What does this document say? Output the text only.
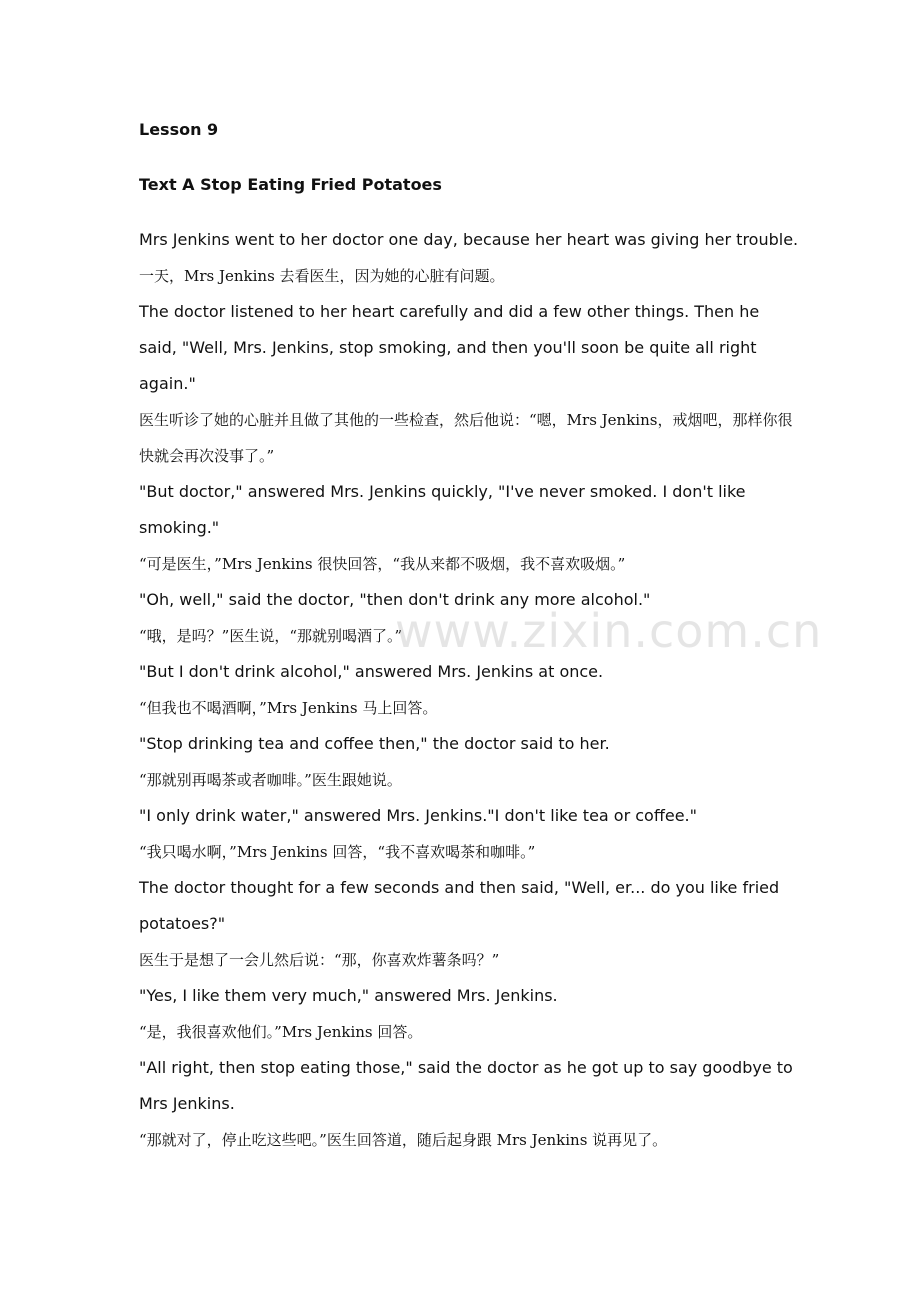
Lesson 9

Text A Stop Eating Fried Potatoes

Mrs Jenkins went to her doctor one day, because her heart was giving her trouble.

一天，Mrs Jenkins 去看医生，因为她的心脏有问题。

The doctor listened to her heart carefully and did a few other things. Then he said, "Well, Mrs. Jenkins, stop smoking, and then you'll soon be quite all right again."

医生听诊了她的心脏并且做了其他的一些检查，然后他说：“嗯，Mrs Jenkins，戒烟吧，那样你很快就会再次没事了。”

"But doctor," answered Mrs. Jenkins quickly, "I've never smoked. I don't like smoking."

“可是医生，”Mrs Jenkins 很快回答，“我从来都不吸烟，我不喜欢吸烟。”

"Oh, well," said the doctor, "then don't drink any more alcohol."

“哦，是吗？”医生说，“那就别喝酒了。”

"But I don't drink alcohol," answered Mrs. Jenkins at once.

“但我也不喝酒啊，”Mrs Jenkins 马上回答。

"Stop drinking tea and coffee then," the doctor said to her.

“那就别再喝茶或者咖啡。”医生跟她说。

"I only drink water," answered Mrs. Jenkins."I don't like tea or coffee."

“我只喝水啊，”Mrs Jenkins 回答，“我不喜欢喝茶和咖啡。”

The doctor thought for a few seconds and then said, "Well, er... do you like fried potatoes?"

医生于是想了一会儿然后说：“那，你喜欢炸薯条吗？”

"Yes, I like them very much," answered Mrs. Jenkins.

“是，我很喜欢他们。”Mrs Jenkins 回答。

"All right, then stop eating those," said the doctor as he got up to say goodbye to Mrs Jenkins.

“那就对了，停止吃这些吧。”医生回答道，随后起身跟 Mrs Jenkins 说再见了。

www.zixin.com.cn
